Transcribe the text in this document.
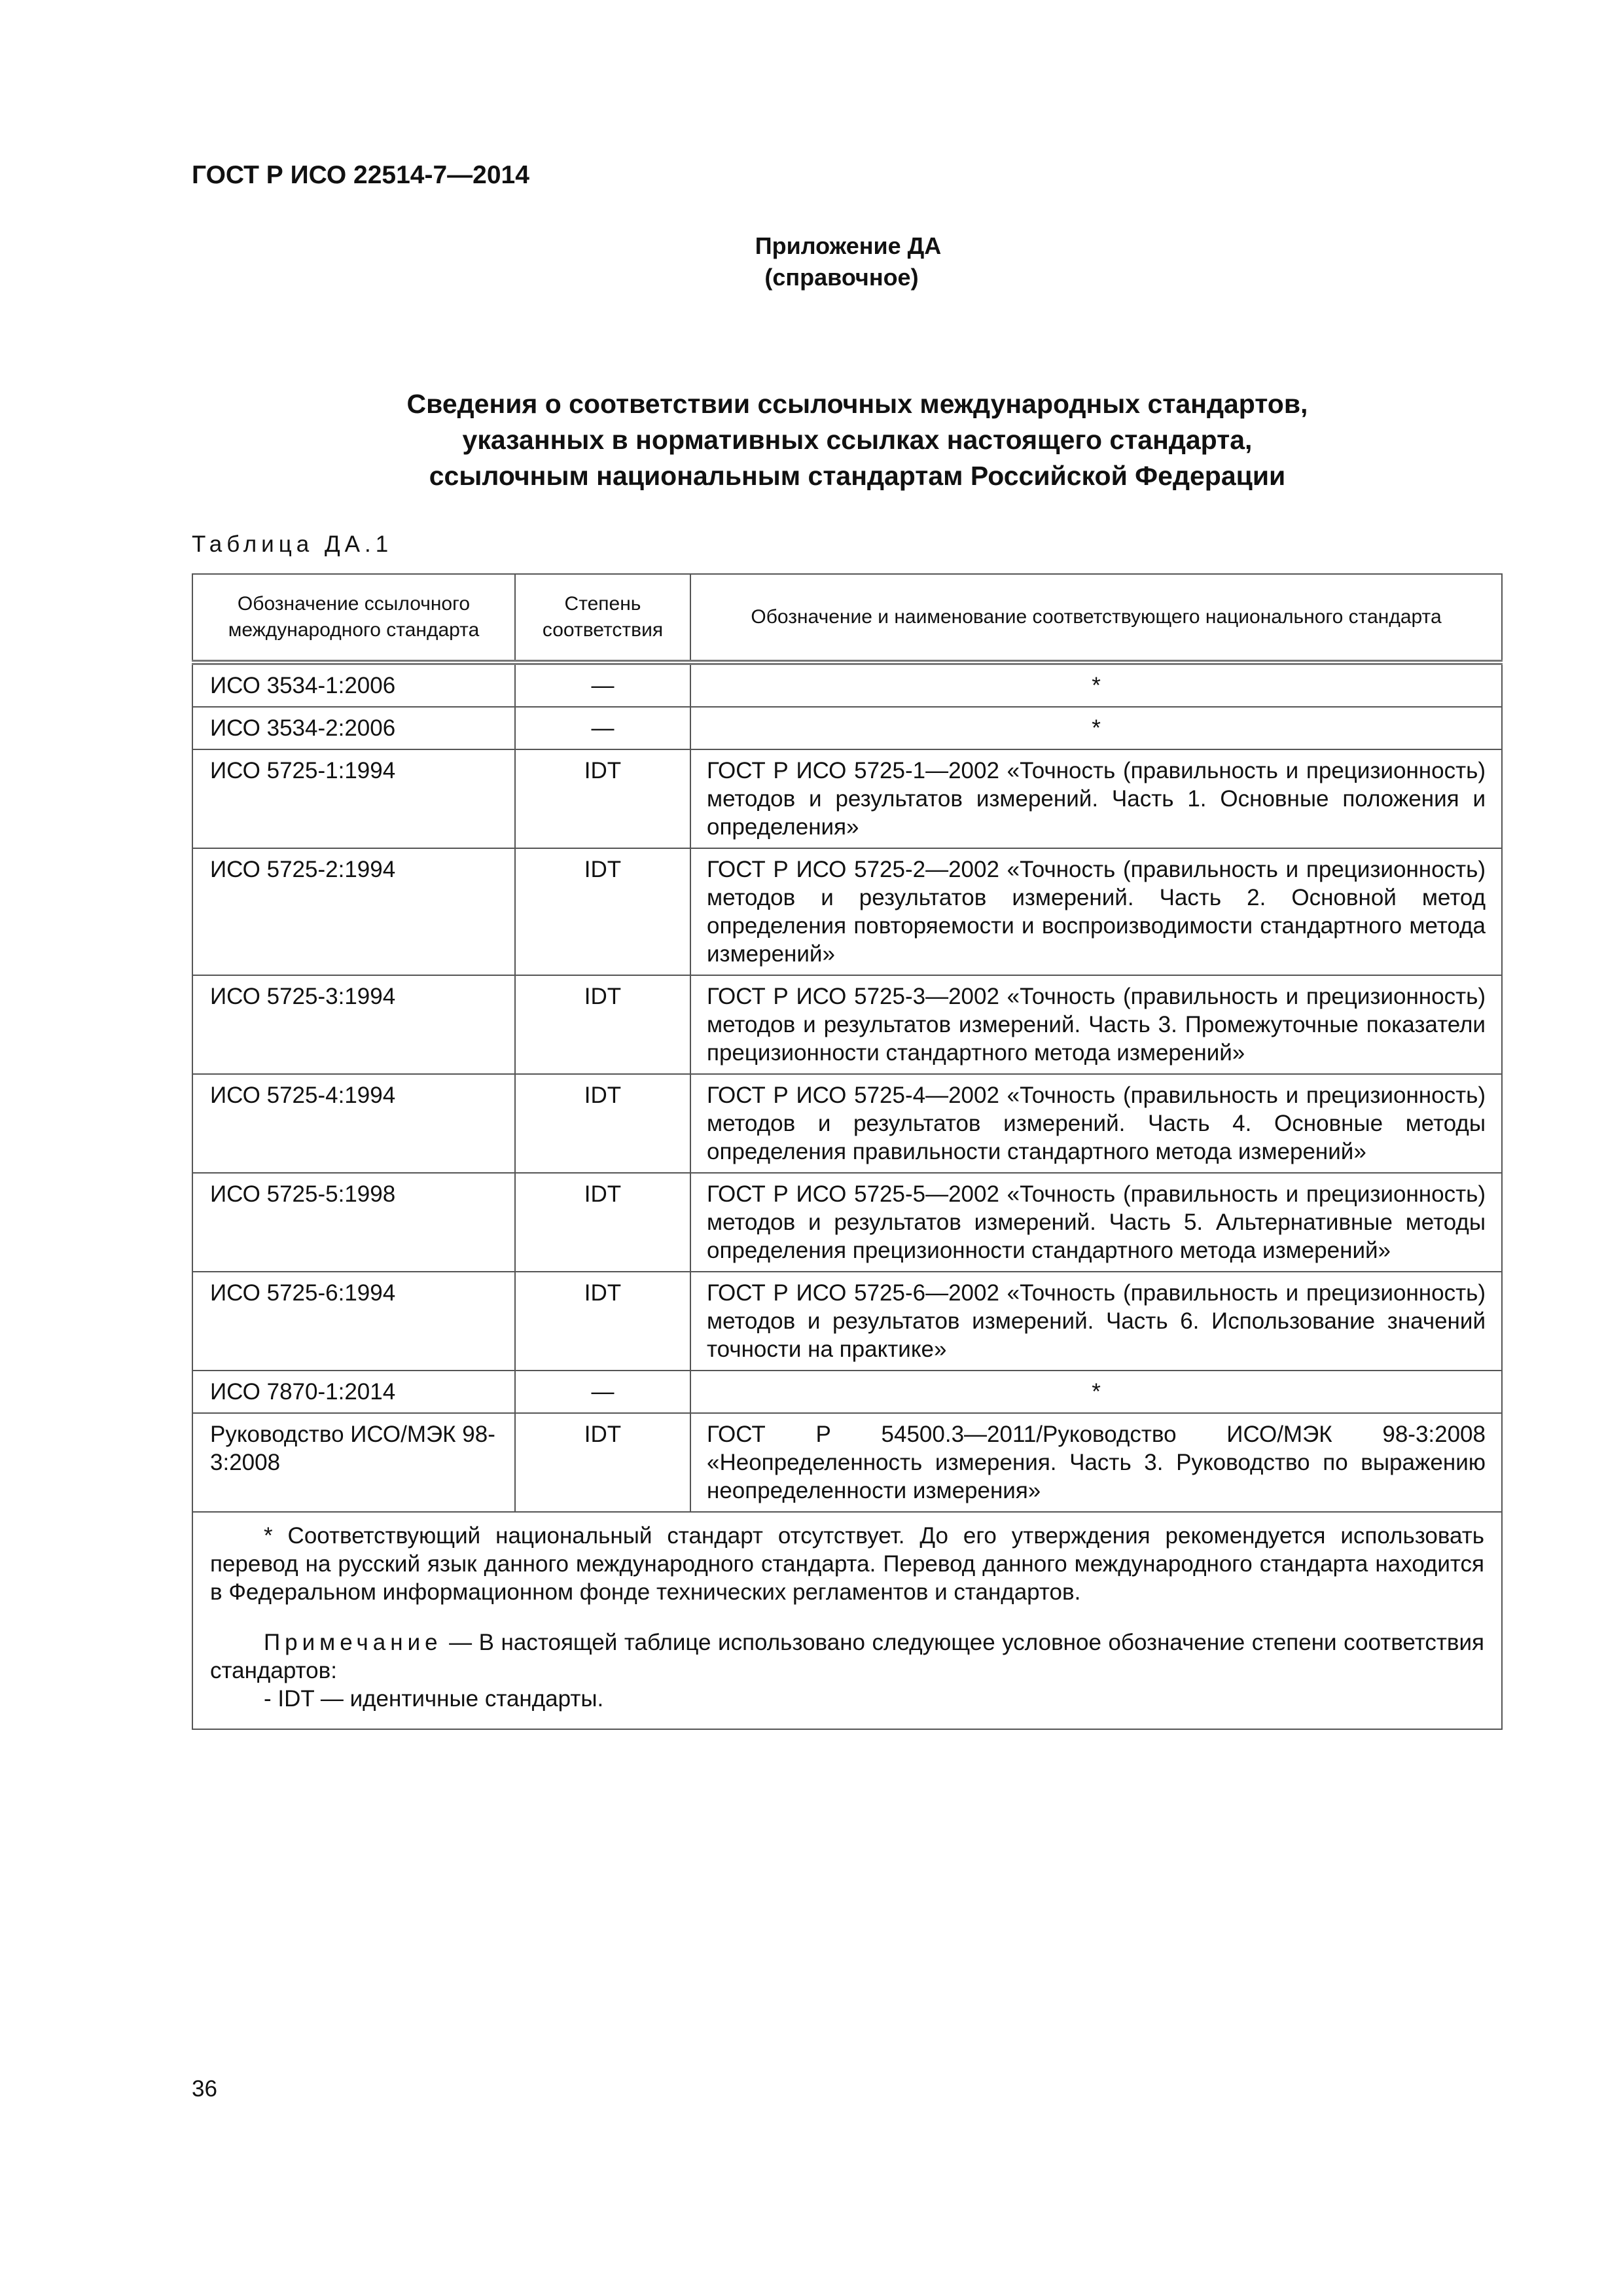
ГОСТ Р ИСО 22514-7—2014

Приложение ДА
(справочное)
Сведения о соответствии ссылочных международных стандартов,
указанных в нормативных ссылках настоящего стандарта,
ссылочным национальным стандартам Российской Федерации

Таблица ДА.1

Обозначение ссылочного международного стандарта	Степень соответствия	Обозначение и наименование соответствующего национального стандарта
ИСО 3534-1:2006	—	*
ИСО 3534-2:2006	—	*
ИСО 5725-1:1994	IDT	ГОСТ Р ИСО 5725-1—2002 «Точность (правильность и прецизионность) методов и результатов измерений. Часть 1. Основные положения и определения»
ИСО 5725-2:1994	IDT	ГОСТ Р ИСО 5725-2—2002 «Точность (правильность и прецизионность) методов и результатов измерений. Часть 2. Основной метод определения повторяемости и воспроизводимости стандартного метода измерений»
ИСО 5725-3:1994	IDT	ГОСТ Р ИСО 5725-3—2002 «Точность (правильность и прецизионность) методов и результатов измерений. Часть 3. Промежуточные показатели прецизионности стандартного метода измерений»
ИСО 5725-4:1994	IDT	ГОСТ Р ИСО 5725-4—2002 «Точность (правильность и прецизионность) методов и результатов измерений. Часть 4. Основные методы определения правильности стандартного метода измерений»
ИСО 5725-5:1998	IDT	ГОСТ Р ИСО 5725-5—2002 «Точность (правильность и прецизионность) методов и результатов измерений. Часть 5. Альтернативные методы определения прецизионности стандартного метода измерений»
ИСО 5725-6:1994	IDT	ГОСТ Р ИСО 5725-6—2002 «Точность (правильность и прецизионность) методов и результатов измерений. Часть 6. Использование значений точности на практике»
ИСО 7870-1:2014	—	*
Руководство ИСО/МЭК 98-3:2008	IDT	ГОСТ Р 54500.3—2011/Руководство ИСО/МЭК 98-3:2008 «Неопределенность измерения. Часть 3. Руководство по выражению неопределенности измерения»

* Соответствующий национальный стандарт отсутствует. До его утверждения рекомендуется использовать перевод на русский язык данного международного стандарта. Перевод данного международного стандарта находится в Федеральном информационном фонде технических регламентов и стандартов.

Примечание — В настоящей таблице использовано следующее условное обозначение степени соответствия стандартов:

- IDT — идентичные стандарты.		

36
